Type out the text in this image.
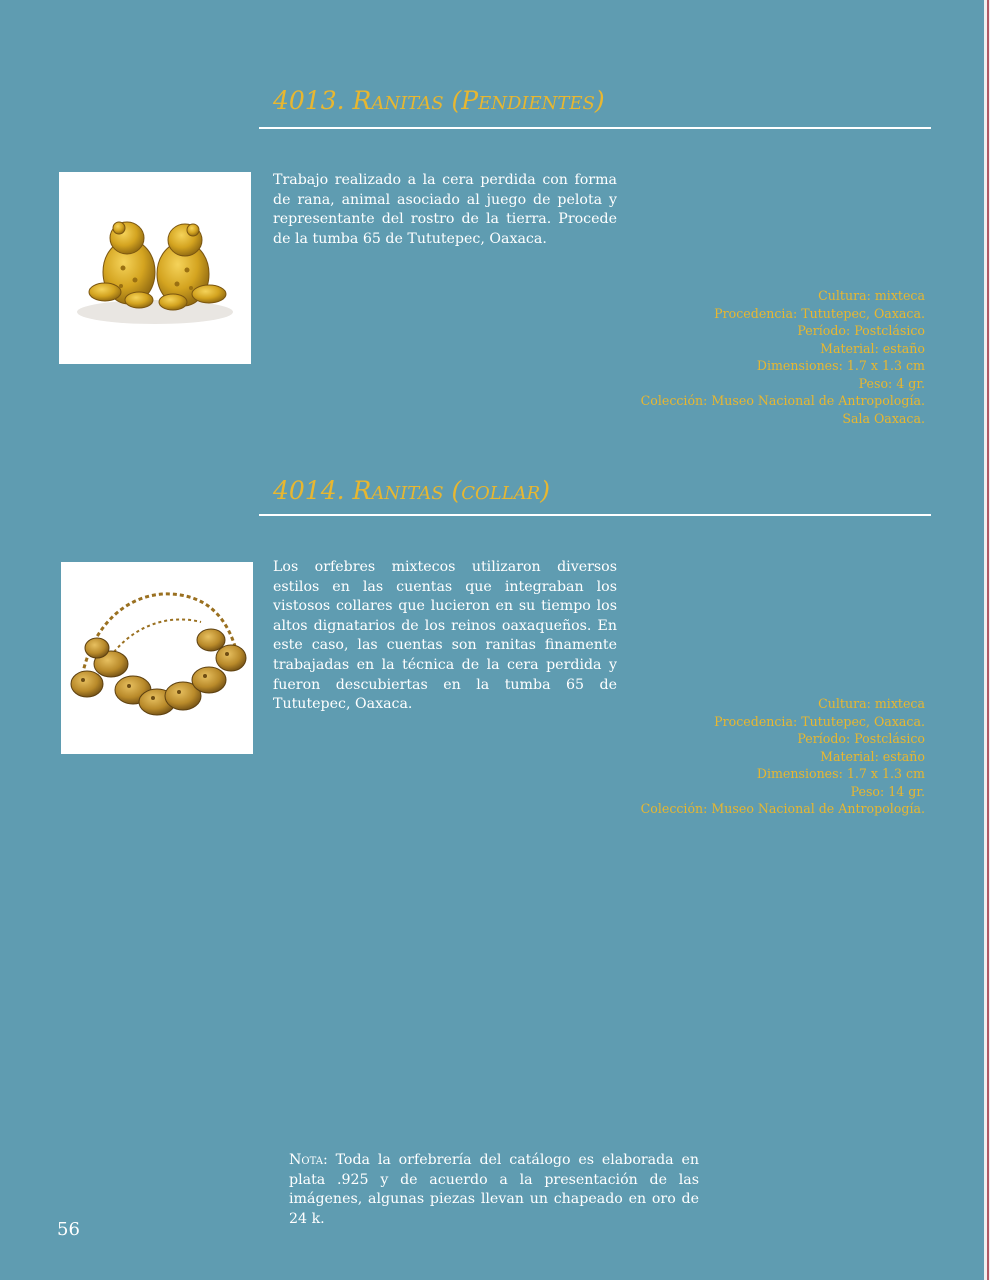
4013. Ranitas (Pendientes)

Trabajo realizado a la cera perdida con forma de rana, animal asociado al juego de pelota y representante del rostro de la tierra. Procede de la tumba 65 de Tututepec, Oaxaca.

Cultura: mixteca
Procedencia: Tututepec, Oaxaca.
Período: Postclásico
Material: estaño
Dimensiones: 1.7 x 1.3 cm
Peso: 4 gr.
Colección: Museo Nacional de Antropología.
Sala Oaxaca.
4014. Ranitas (collar)

Los orfebres mixtecos utilizaron diversos estilos en las cuentas que integraban los vistosos collares que lucieron en su tiempo los altos dignatarios de los reinos oaxaqueños. En este caso, las cuentas son ranitas finamente trabajadas en la técnica de la cera perdida y fueron descubiertas en la tumba 65 de Tututepec, Oaxaca.	Cultura: mixteca
Procedencia: Tututepec, Oaxaca.
Período: Postclásico
Material: estaño
Dimensiones: 1.7 x 1.3 cm
Peso: 14 gr.
Colección: Museo Nacional de Antropología.

Nota: Toda la orfebrería del catálogo es elaborada en plata .925 y de acuerdo a la presentación de las imágenes, algunas piezas llevan un chapeado en oro de 24 k.

56
